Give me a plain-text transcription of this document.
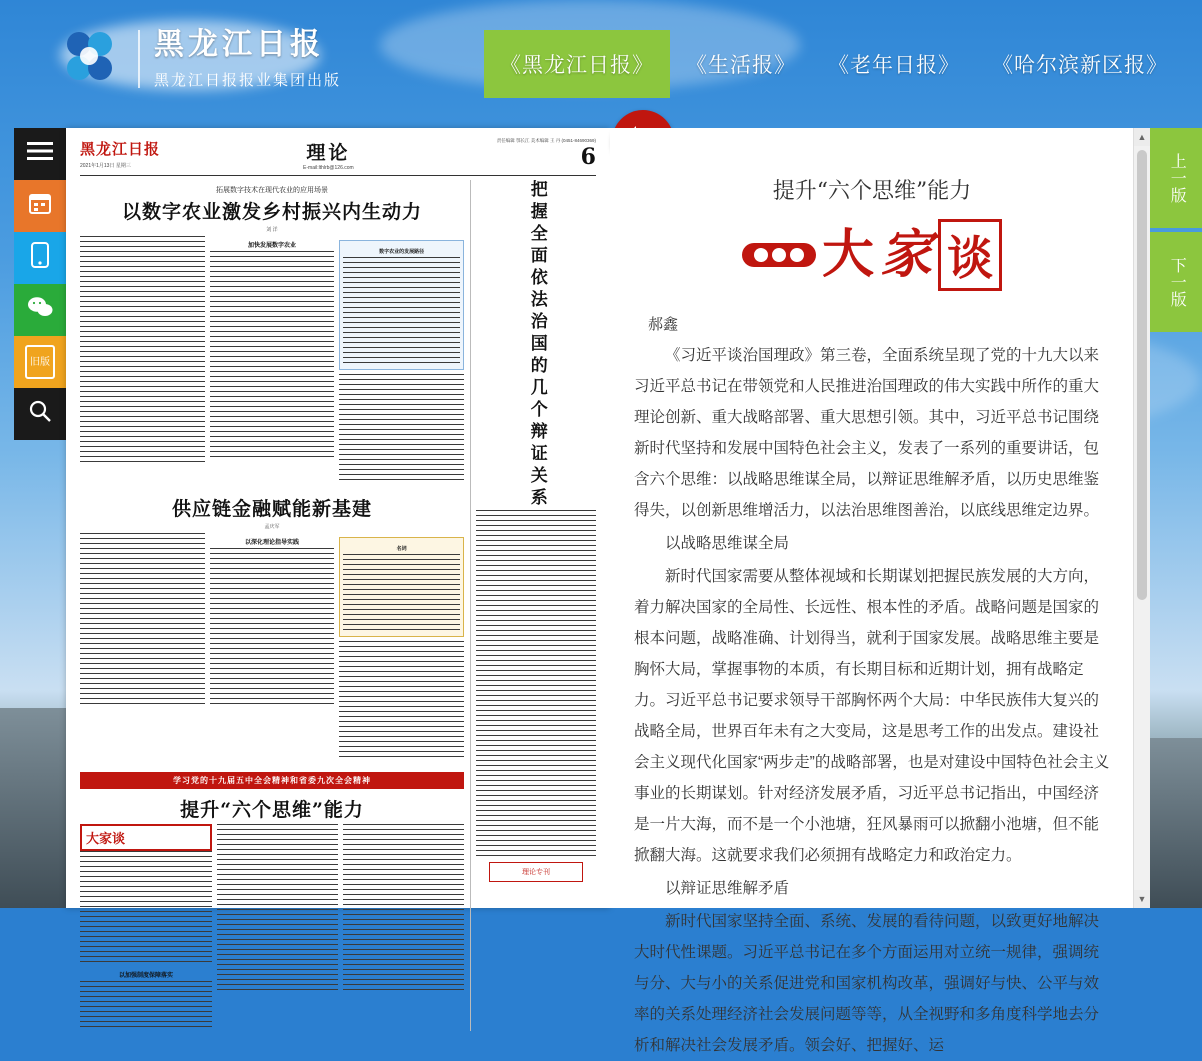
黑龙江日报
黑龙江日报报业集团出版
《黑龙江日报》	《生活报》	《老年日报》	《哈尔滨新区报》
旧版
上一版
下一版
黑龙江日报
2021年1月13日 星期三
理论
E-mail:lthlrb@126.com
责任编辑 鄂长江 美术编辑 王 丹 (0451-84690369)
6
拓展数字技术在现代农业的应用场景
以数字农业激发乡村振兴内生动力
刘 洋

加快发展数字农业

数字农业的发展路径

供应链金融赋能新基建
孟庆军

以深化理论指导实践

名词

学习党的十九届五中全会精神和省委九次全会精神
提升“六个思维”能力
大家谈

以加强制度保障落实

把握全面依法治国的几个辩证关系

理论专刊
提升“六个思维”能力
大 家 谈
郝鑫
《习近平谈治国理政》第三卷，全面系统呈现了党的十九大以来习近平总书记在带领党和人民推进治国理政的伟大实践中所作的重大理论创新、重大战略部署、重大思想引领。其中，习近平总书记围绕新时代坚持和发展中国特色社会主义，发表了一系列的重要讲话，包含六个思维：以战略思维谋全局，以辩证思维解矛盾，以历史思维鉴得失，以创新思维增活力，以法治思维图善治，以底线思维定边界。
以战略思维谋全局
新时代国家需要从整体视域和长期谋划把握民族发展的大方向，着力解决国家的全局性、长远性、根本性的矛盾。战略问题是国家的根本问题，战略准确、计划得当，就利于国家发展。战略思维主要是胸怀大局，掌握事物的本质，有长期目标和近期计划，拥有战略定力。习近平总书记要求领导干部胸怀两个大局：中华民族伟大复兴的战略全局，世界百年未有之大变局，这是思考工作的出发点。建设社会主义现代化国家“两步走”的战略部署，也是对建设中国特色社会主义事业的长期谋划。针对经济发展矛盾，习近平总书记指出，中国经济是一片大海，而不是一个小池塘，狂风暴雨可以掀翻小池塘，但不能掀翻大海。这就要求我们必须拥有战略定力和政治定力。
以辩证思维解矛盾
新时代国家坚持全面、系统、发展的看待问题，以致更好地解决大时代性课题。习近平总书记在多个方面运用对立统一规律，强调统与分、大与小的关系促进党和国家机构改革，强调好与快、公平与效率的关系处理经济社会发展问题等等，从全视野和多角度科学地去分析和解决社会发展矛盾。领会好、把握好、运
▲
▼
